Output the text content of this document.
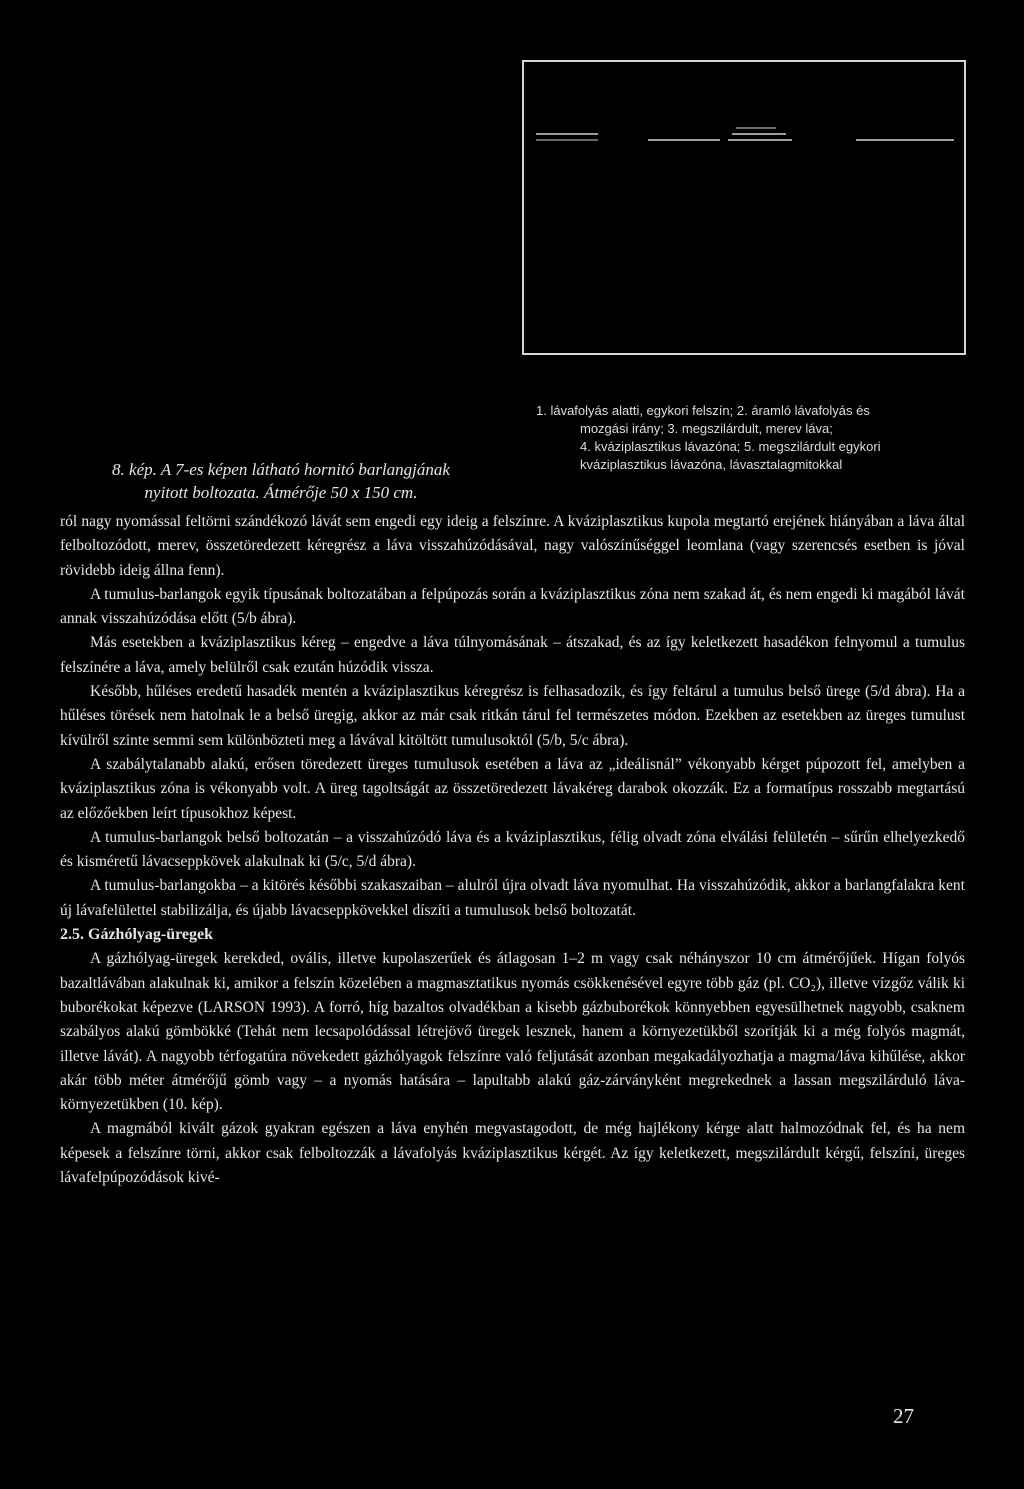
1. lávafolyás alatti, egykori felszín; 2. áramló lávafolyás és
mozgási irány; 3. megszilárdult, merev láva;
4. kváziplasztikus lávazóna; 5. megszilárdult egykori
kváziplasztikus lávazóna, lávasztalagmitokkal
8. kép. A 7-es képen látható hornitó barlangjának
nyitott boltozata. Átmérője 50 x 150 cm.

ról nagy nyomással feltörni szándékozó lávát sem engedi egy ideig a felszínre. A kváziplasztikus kupola megtartó erejének hiányában a láva által felboltozódott, merev, összetöredezett kéregrész a láva visszahúzódásával, nagy valószínűséggel leomlana (vagy szerencsés esetben is jóval rövidebb ideig állna fenn).

A tumulus-barlangok egyik típusának boltozatában a felpúpozás során a kváziplasztikus zóna nem szakad át, és nem engedi ki magából lávát annak visszahúzódása előtt (5/b ábra).

Más esetekben a kváziplasztikus kéreg – engedve a láva túlnyomásának – átszakad, és az így keletkezett hasadékon felnyomul a tumulus felszínére a láva, amely belülről csak ezután húzódik vissza.

Később, hűléses eredetű hasadék mentén a kváziplasztikus kéregrész is felhasadozik, és így feltárul a tumulus belső ürege (5/d ábra). Ha a hűléses törések nem hatolnak le a belső üregig, akkor az már csak ritkán tárul fel természetes módon. Ezekben az esetekben az üreges tumulust kívülről szinte semmi sem különbözteti meg a lávával kitöltött tumulusoktól (5/b, 5/c ábra).

A szabálytalanabb alakú, erősen töredezett üreges tumulusok esetében a láva az „ideálisnál” vékonyabb kérget púpozott fel, amelyben a kváziplasztikus zóna is vékonyabb volt. A üreg tagoltságát az összetöredezett lávakéreg darabok okozzák. Ez a formatípus rosszabb megtartású az előzőekben leírt típusokhoz képest.

A tumulus-barlangok belső boltozatán – a visszahúzódó láva és a kváziplasztikus, félig olvadt zóna elválási felületén – sűrűn elhelyezkedő és kisméretű lávacseppkövek alakulnak ki (5/c, 5/d ábra).

A tumulus-barlangokba – a kitörés későbbi szakaszaiban – alulról újra olvadt láva nyomulhat. Ha visszahúzódik, akkor a barlangfalakra kent új lávafelülettel stabilizálja, és újabb lávacseppkövekkel díszíti a tumulusok belső boltozatát.

2.5. Gázhólyag-üregek

A gázhólyag-üregek kerekded, ovális, illetve kupolaszerűek és átlagosan 1–2 m vagy csak néhányszor 10 cm átmérőjűek. Hígan folyós bazaltlávában alakulnak ki, amikor a felszín közelében a magmasztatikus nyomás csökkenésével egyre több gáz (pl. CO₂), illetve vízgőz válik ki buborékokat képezve (LARSON 1993). A forró, híg bazaltos olvadékban a kisebb gázbuborékok könnyebben egyesülhetnek nagyobb, csaknem szabályos alakú gömbökké (Tehát nem lecsapolódással létrejövő üregek lesznek, hanem a környezetükből szorítják ki a még folyós magmát, illetve lávát). A nagyobb térfogatúra növekedett gázhólyagok felszínre való feljutását azonban megakadályozhatja a magma/láva kihűlése, akkor akár több méter átmérőjű gömb vagy – a nyomás hatására – lapultabb alakú gáz-zárványként megrekednek a lassan megszilárduló láva-környezetükben (10. kép).

A magmából kivált gázok gyakran egészen a láva enyhén megvastagodott, de még hajlékony kérge alatt halmozódnak fel, és ha nem képesek a felszínre törni, akkor csak felboltozzák a lávafolyás kváziplasztikus kérgét. Az így keletkezett, megszilárdult kérgű, felszíni, üreges lávafelpúpozódások kivé-

27
